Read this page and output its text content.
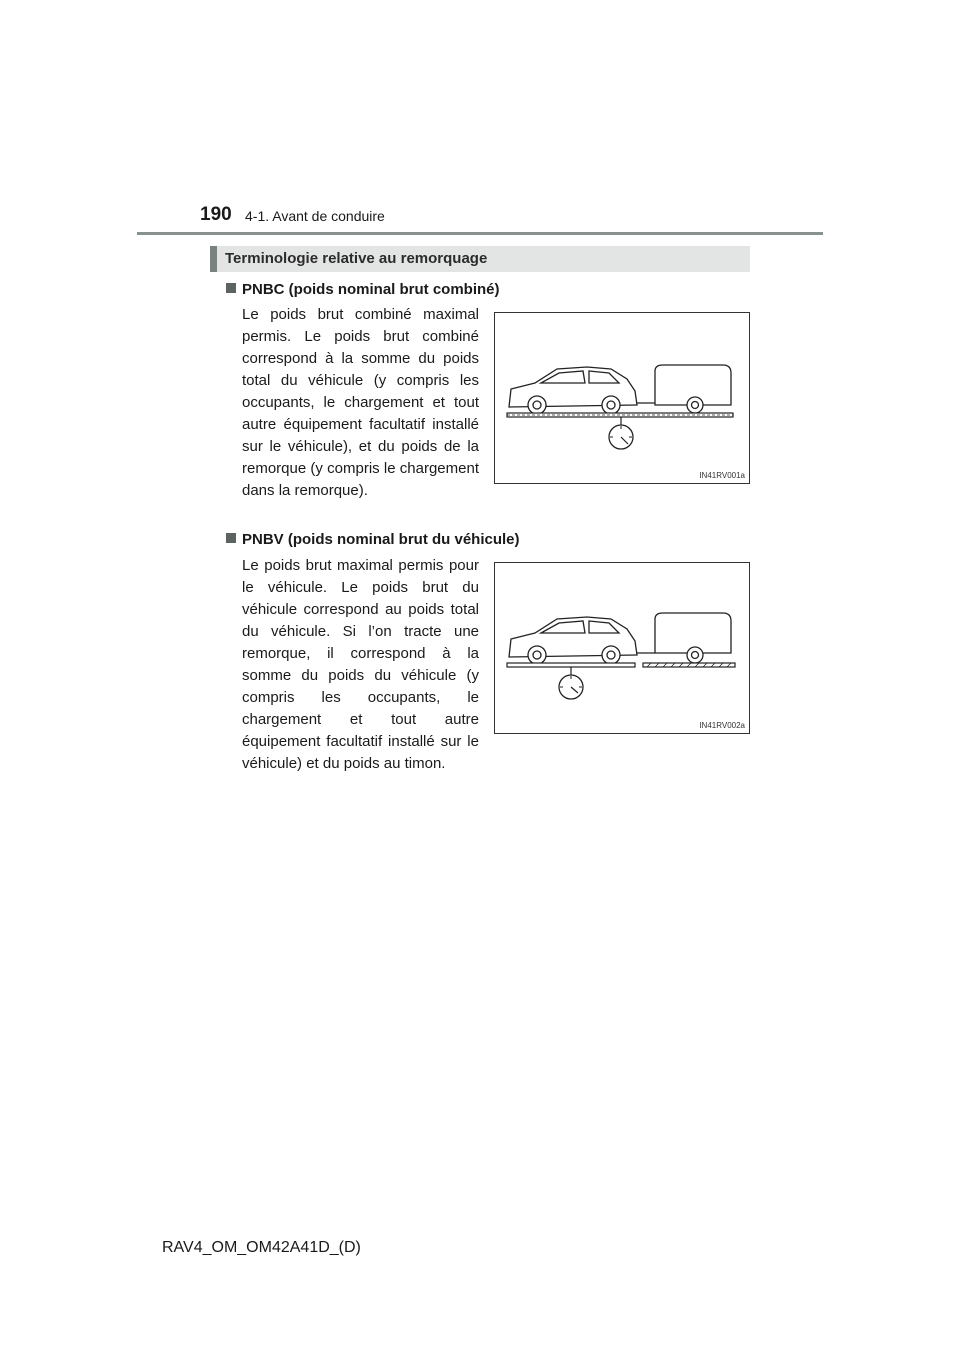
190 4-1. Avant de conduire
Terminologie relative au remorquage
PNBC (poids nominal brut combiné)
Le poids brut combiné maximal permis. Le poids brut combiné correspond à la somme du poids total du véhicule (y compris les occupants, le chargement et tout autre équipement facultatif installé sur le véhicule), et du poids de la remorque (y compris le chargement dans la remorque).
IN41RV001a
PNBV (poids nominal brut du véhicule)
Le poids brut maximal permis pour le véhicule. Le poids brut du véhicule correspond au poids total du véhicule. Si l’on tracte une remorque, il correspond à la somme du poids du véhicule (y compris les occupants, le chargement et tout autre équipement facultatif installé sur le véhicule) et du poids au timon.
IN41RV002a
RAV4_OM_OM42A41D_(D)
